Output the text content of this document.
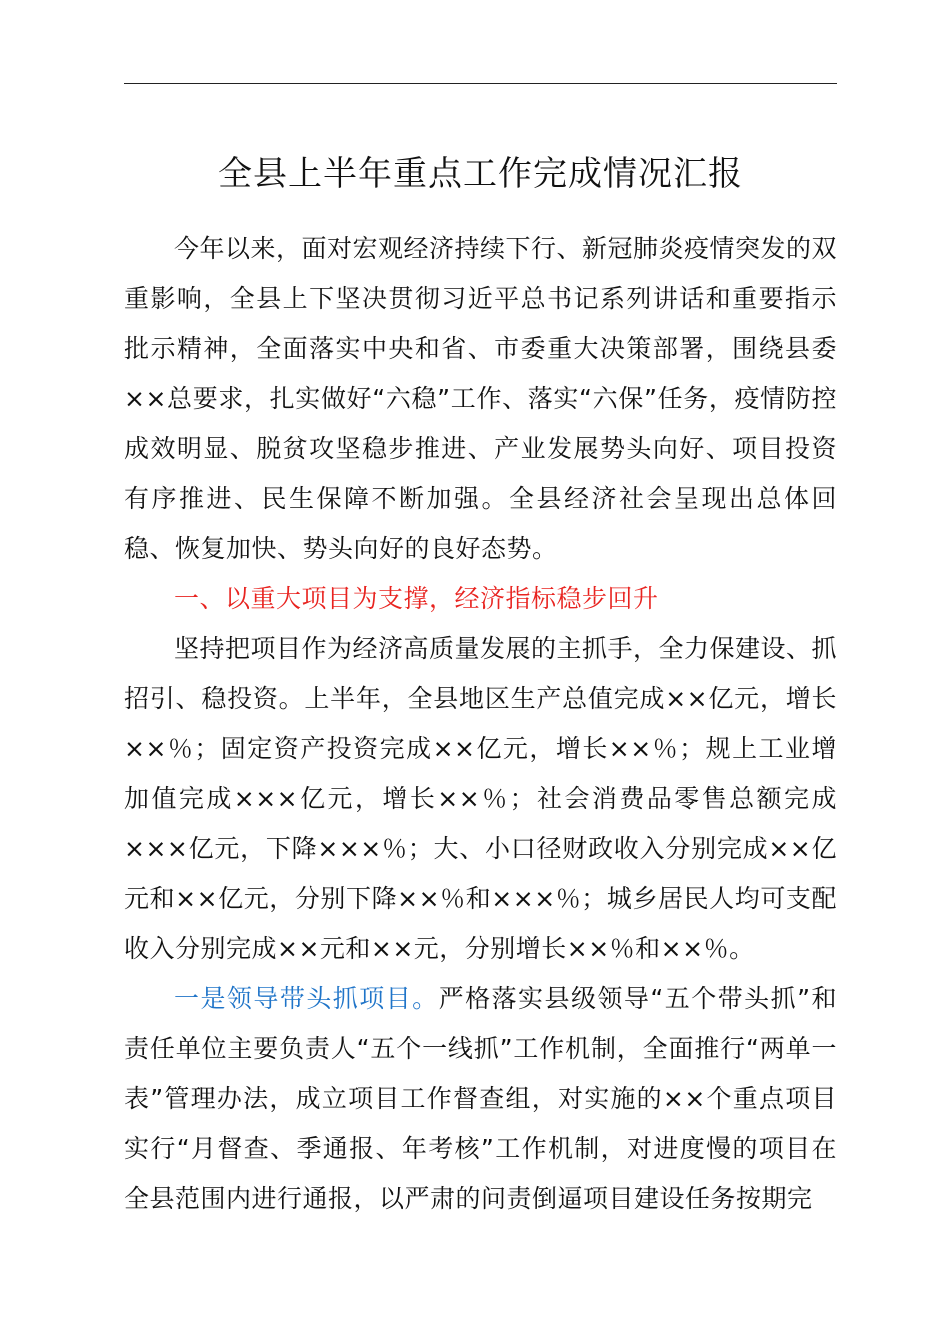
全县上半年重点工作完成情况汇报

今年以来，面对宏观经济持续下行、新冠肺炎疫情突发的双重影响，全县上下坚决贯彻习近平总书记系列讲话和重要指示批示精神，全面落实中央和省、市委重大决策部署，围绕县委××总要求，扎实做好“六稳”工作、落实“六保”任务，疫情防控成效明显、脱贫攻坚稳步推进、产业发展势头向好、项目投资有序推进、民生保障不断加强。全县经济社会呈现出总体回稳、恢复加快、势头向好的良好态势。

一、以重大项目为支撑，经济指标稳步回升

坚持把项目作为经济高质量发展的主抓手，全力保建设、抓招引、稳投资。上半年，全县地区生产总值完成××亿元，增长××％；固定资产投资完成××亿元，增长××％；规上工业增加值完成×××亿元，增长××％；社会消费品零售总额完成×××亿元，下降×××％；大、小口径财政收入分别完成××亿元和××亿元，分别下降××％和×××％；城乡居民人均可支配收入分别完成××元和××元，分别增长××％和××％。

一是领导带头抓项目。严格落实县级领导“五个带头抓”和责任单位主要负责人“五个一线抓”工作机制，全面推行“两单一表”管理办法，成立项目工作督查组，对实施的××个重点项目实行“月督查、季通报、年考核”工作机制，对进度慢的项目在全县范围内进行通报，以严肃的问责倒逼项目建设任务按期完
